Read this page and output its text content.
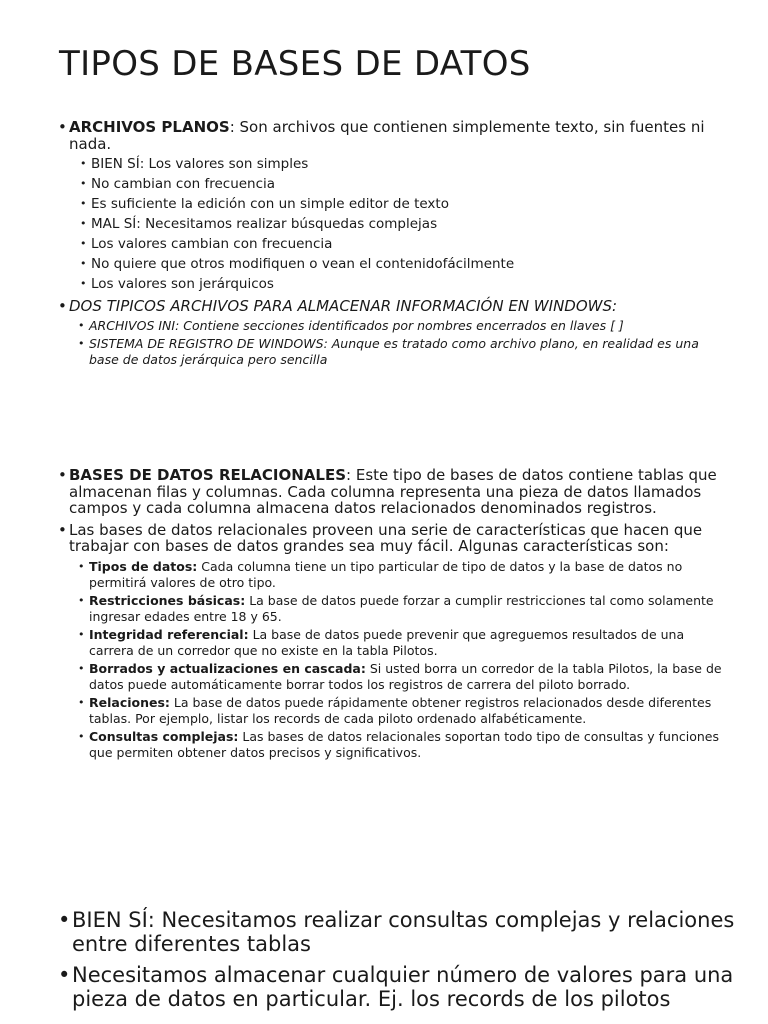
TIPOS DE BASES DE DATOS
• ARCHIVOS PLANOS: Son archivos que contienen simplemente texto, sin fuentes ni nada.
• BIEN SÍ: Los valores son simples
• No cambian con frecuencia
• Es suficiente la edición con un simple editor de texto
• MAL SÍ: Necesitamos realizar búsquedas complejas
• Los valores cambian con frecuencia
• No quiere que otros modifiquen o vean el contenidofácilmente
• Los valores son jerárquicos
• DOS TIPICOS ARCHIVOS PARA ALMACENAR INFORMACIÓN EN WINDOWS:
• ARCHIVOS INI: Contiene secciones identificados por nombres encerrados en llaves [ ]
• SISTEMA DE REGISTRO DE WINDOWS: Aunque es tratado como archivo plano, en realidad es una base de datos jerárquica pero sencilla
• BASES DE DATOS RELACIONALES: Este tipo de bases de datos contiene tablas que almacenan filas y columnas. Cada columna representa una pieza de datos llamados campos y cada columna almacena datos relacionados denominados registros.
• Las bases de datos relacionales proveen una serie de características que hacen que trabajar con bases de datos grandes sea muy fácil. Algunas características son:
• Tipos de datos: Cada columna tiene un tipo particular de tipo de datos y la base de datos no permitirá valores de otro tipo.
• Restricciones básicas: La base de datos puede forzar a cumplir restricciones tal como solamente ingresar edades entre 18 y 65.
• Integridad referencial: La base de datos puede prevenir que agreguemos resultados de una carrera de un corredor que no existe en la tabla Pilotos.
• Borrados y actualizaciones en cascada: Si usted borra un corredor de la tabla Pilotos, la base de datos puede automáticamente borrar todos los registros de carrera del piloto borrado.
• Relaciones: La base de datos puede rápidamente obtener registros relacionados desde diferentes tablas. Por ejemplo, listar los records de cada piloto ordenado alfabéticamente.
• Consultas complejas: Las bases de datos relacionales soportan todo tipo de consultas y funciones que permiten obtener datos precisos y significativos.
• BIEN SÍ: Necesitamos realizar consultas complejas y relaciones entre diferentes tablas
• Necesitamos almacenar cualquier número de valores para una pieza de datos en particular. Ej. los records de los pilotos
